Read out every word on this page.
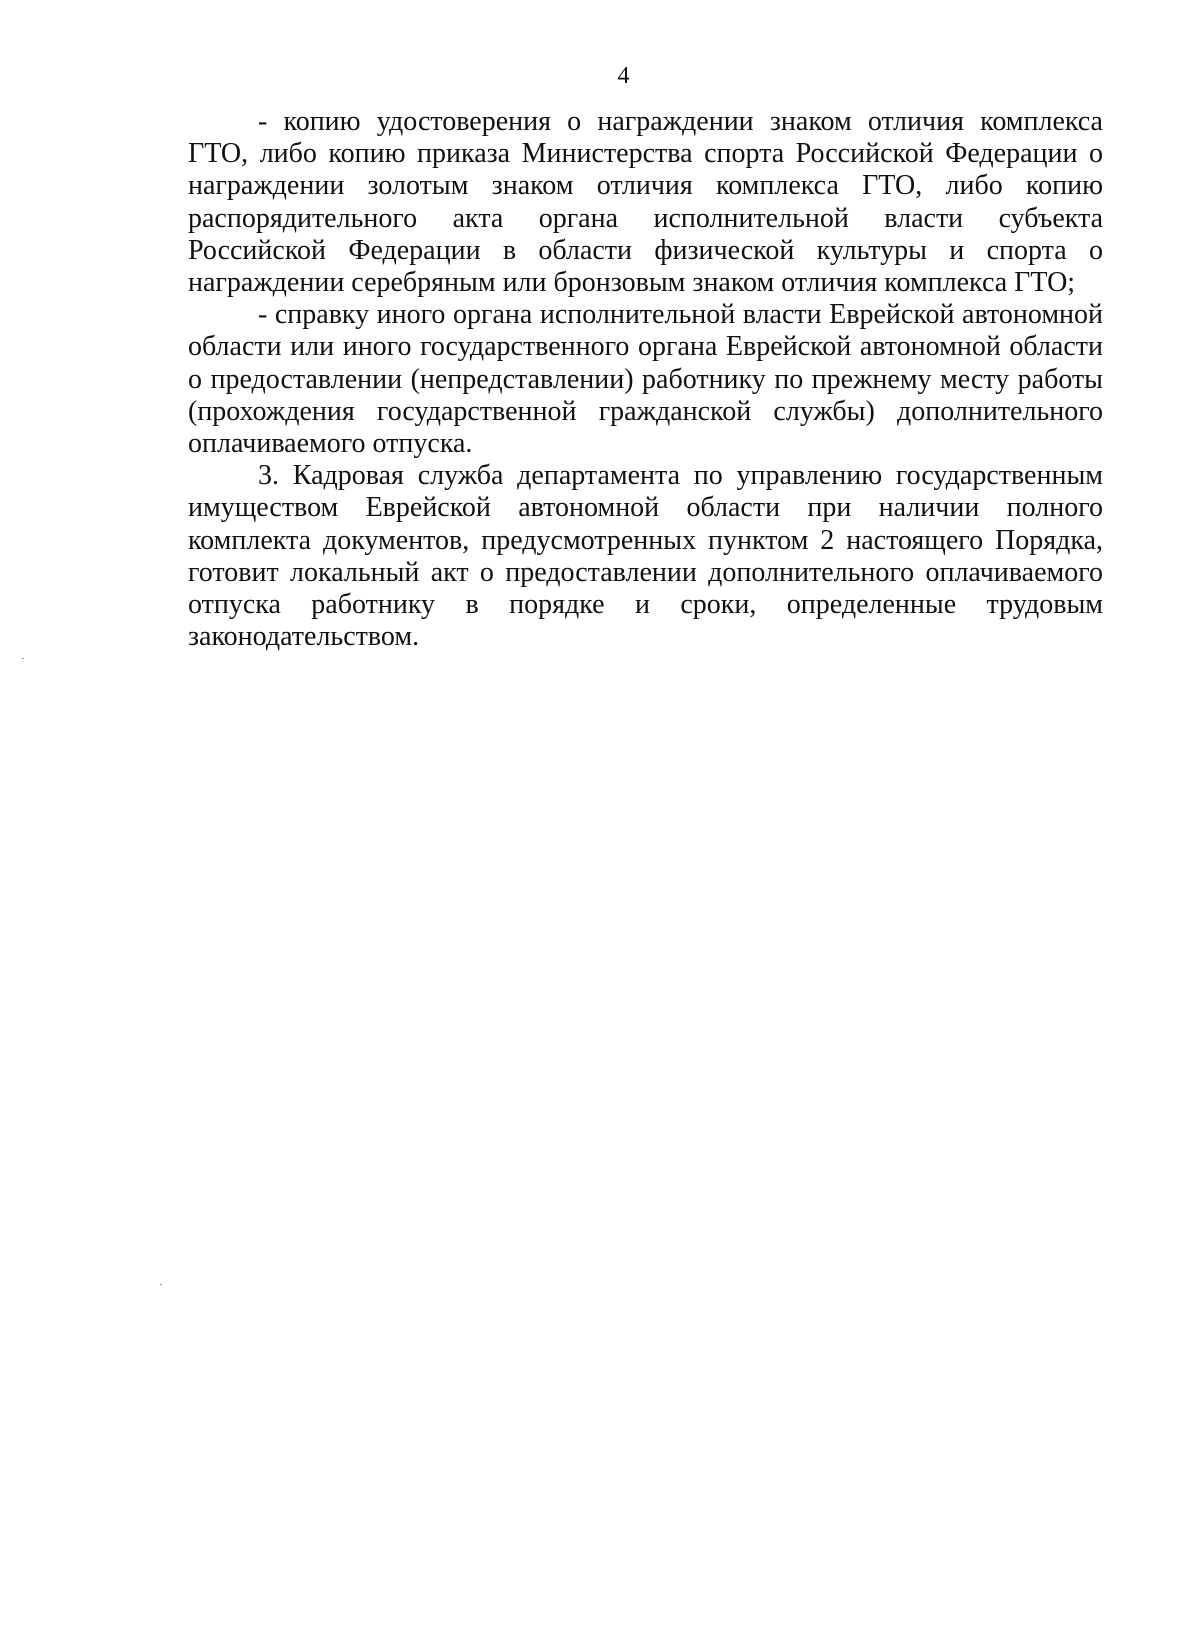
4

- копию удостоверения о награждении знаком отличия комплекса ГТО, либо копию приказа Министерства спорта Российской Федерации о награждении золотым знаком отличия комплекса ГТО, либо копию распорядительного акта органа исполнительной власти субъекта Российской Федерации в области физической культуры и спорта о награждении серебряным или бронзовым знаком отличия комплекса ГТО;

- справку иного органа исполнительной власти Еврейской автономной области или иного государственного органа Еврейской автономной области о предоставлении (непредставлении) работнику по прежнему месту работы (прохождения государственной гражданской службы) дополнительного оплачиваемого отпуска.

3. Кадровая служба департамента по управлению государственным имуществом Еврейской автономной области при наличии полного комплекта документов, предусмотренных пунктом 2 настоящего Порядка, готовит локальный акт о предоставлении дополнительного оплачиваемого отпуска работнику в порядке и сроки, определенные трудовым законодательством.
